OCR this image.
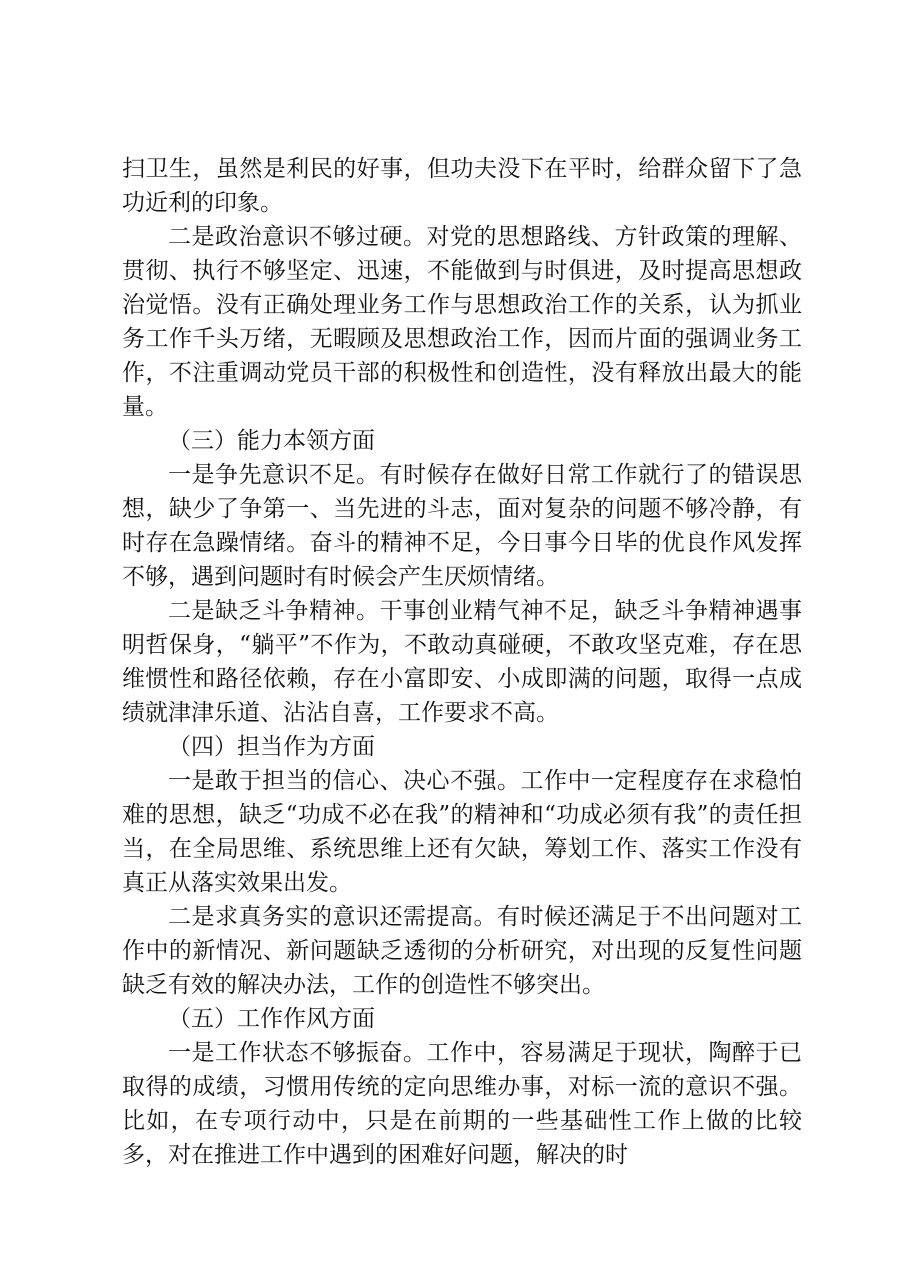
扫卫生，虽然是利民的好事，但功夫没下在平时，给群众留下了急功近利的印象。

二是政治意识不够过硬。对党的思想路线、方针政策的理解、贯彻、执行不够坚定、迅速，不能做到与时俱进，及时提高思想政治觉悟。没有正确处理业务工作与思想政治工作的关系，认为抓业务工作千头万绪，无暇顾及思想政治工作，因而片面的强调业务工作，不注重调动党员干部的积极性和创造性，没有释放出最大的能量。

（三）能力本领方面

一是争先意识不足。有时候存在做好日常工作就行了的错误思想，缺少了争第一、当先进的斗志，面对复杂的问题不够冷静，有时存在急躁情绪。奋斗的精神不足，今日事今日毕的优良作风发挥不够，遇到问题时有时候会产生厌烦情绪。

二是缺乏斗争精神。干事创业精气神不足，缺乏斗争精神遇事明哲保身，“躺平”不作为，不敢动真碰硬，不敢攻坚克难，存在思维惯性和路径依赖，存在小富即安、小成即满的问题，取得一点成绩就津津乐道、沾沾自喜，工作要求不高。

（四）担当作为方面

一是敢于担当的信心、决心不强。工作中一定程度存在求稳怕难的思想，缺乏“功成不必在我”的精神和“功成必须有我”的责任担当，在全局思维、系统思维上还有欠缺，筹划工作、落实工作没有真正从落实效果出发。

二是求真务实的意识还需提高。有时候还满足于不出问题对工作中的新情况、新问题缺乏透彻的分析研究，对出现的反复性问题缺乏有效的解决办法，工作的创造性不够突出。

（五）工作作风方面

一是工作状态不够振奋。工作中，容易满足于现状，陶醉于已取得的成绩，习惯用传统的定向思维办事，对标一流的意识不强。比如，在专项行动中，只是在前期的一些基础性工作上做的比较多，对在推进工作中遇到的困难好问题，解决的时
